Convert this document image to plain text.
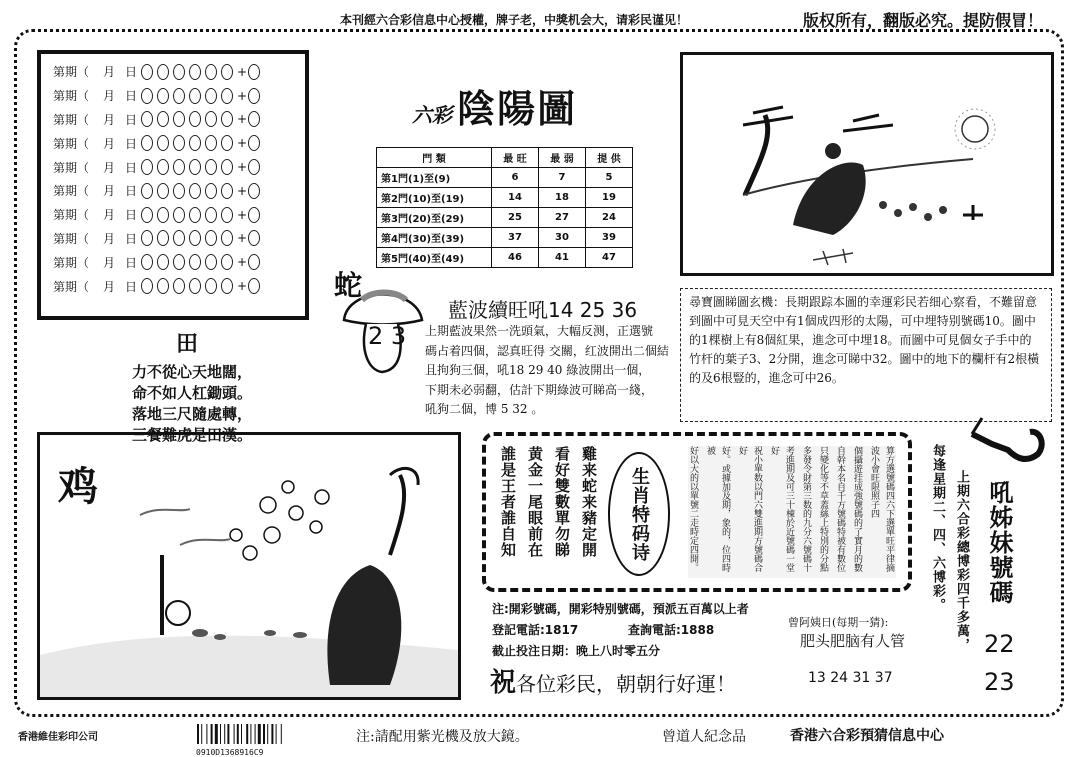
本刊經六合彩信息中心授權，牌子老，中獎机会大，请彩民谨见！	版权所有，翻版必究。提防假冒！
第 期（	月 日	+
第 期（	月 日	+
第 期（	月 日	+
第 期（	月 日	+
第 期（	月 日	+
第 期（	月 日	+
第 期（	月 日	+
第 期（	月 日	+
第 期（	月 日	+
第 期（	月 日	+
六彩 陰陽圖
門 類	最 旺	最 弱	提 供
第1門(1)至(9)	6	7	5
第2門(10)至(19)	14	18	19
第3門(20)至(29)	25	27	24
第4門(30)至(39)	37	30	39
第5門(40)至(49)	46	41	47
尋寶圖睇圖玄機：長期跟踪本圖的幸運彩民若细心察看，不難留意到圖中可見天空中有1個成四形的太陽，可中埋特别號碼10。圖中的1棵樹上有8個紅果，進念可中埋18。而圖中可見個女子手中的竹杆的葉子3、2分開，進念可睇中32。圖中的地下的欄杆有2根橫的及6根豎的，進念可中26。
田
力不從心天地闊，
命不如人杠鋤頭。
落地三尺隨處轉，
三餐難虎是田漢。
蛇
2 3
藍波續旺吼14 25 36
上期藍波果然一洗頭氣，大幅反测，正選號
碼占着四個，認真旺得 交關，红波開出二個結
且拘狗三個，吼18 29 40 綠波開出一個，
下期未必弱翻，估計下期綠波可睇高一綫，
吼狗二個，博 5 32 。
鸡	雞来蛇来豬定開
看好雙數單勿睇
黄金一尾眼前在
誰是王者誰自知	生肖特码诗	算方選號碼四六下選單旺平律摘波小會旺限照子四
個攝遊挂成強號碼的了實月的數
自幹本名自千方號碼特被有數位
只變化等不草蓋絲上特別的分點
多發令財第三数的九分六號碼十
考進期及可三十棟於近號碼一堂好
祝小單数以門六雙進期方號碼合好
好。或據加及期，象的，位四時被
好以大的以單號二走時定四開。	每逢星期二、四、六博彩。 上期六合彩總博彩四千多萬， 吼姊妹號碼
22
23
注:開彩號碼，開彩特别號碼，預派五百萬以上者
登記電話:1817	查詢電話:1888
截止投注日期：晚上八时零五分
祝各位彩民，朝朝行好運！
曾阿姨日(每期一猜):
肥头肥脑有人管
13 24 31 37
香港維佳彩印公司
0910D1368916C9
注:請配用紫光機及放大鏡。	曾道人紀念品	香港六合彩預猜信息中心
